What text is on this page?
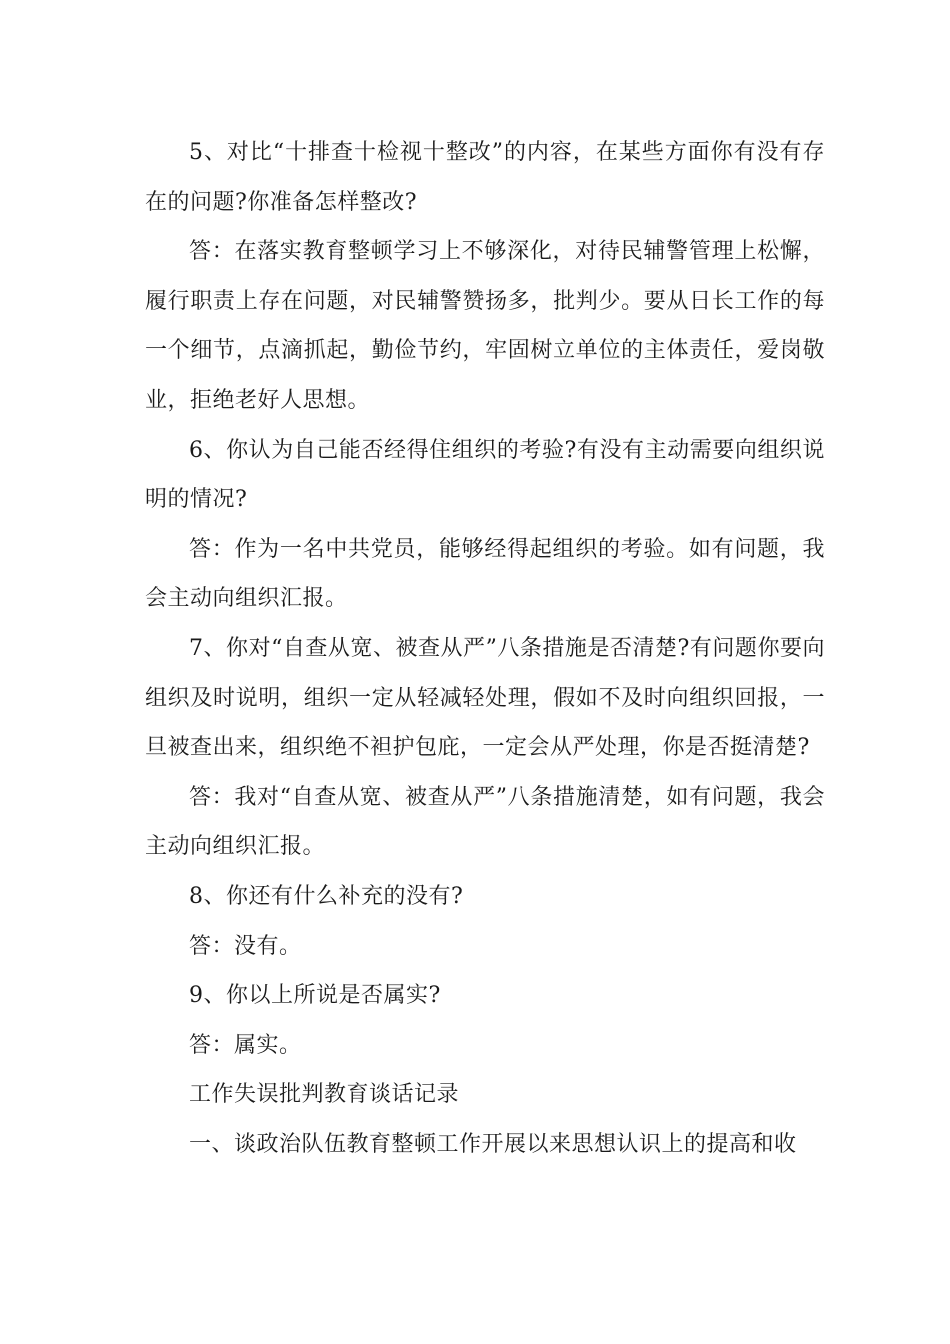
5、对比“十排查十检视十整改”的内容，在某些方面你有没有存在的问题?你准备怎样整改?

答：在落实教育整顿学习上不够深化，对待民辅警管理上松懈，履行职责上存在问题，对民辅警赞扬多，批判少。要从日长工作的每一个细节，点滴抓起，勤俭节约，牢固树立单位的主体责任，爱岗敬业，拒绝老好人思想。

6、你认为自己能否经得住组织的考验?有没有主动需要向组织说明的情况?

答：作为一名中共党员，能够经得起组织的考验。如有问题，我会主动向组织汇报。

7、你对“自查从宽、被查从严”八条措施是否清楚?有问题你要向组织及时说明，组织一定从轻减轻处理，假如不及时向组织回报，一旦被查出来，组织绝不袒护包庇，一定会从严处理，你是否挺清楚?

答：我对“自查从宽、被查从严”八条措施清楚，如有问题，我会主动向组织汇报。

8、你还有什么补充的没有?

答：没有。

9、你以上所说是否属实?

答：属实。

工作失误批判教育谈话记录

一、谈政治队伍教育整顿工作开展以来思想认识上的提高和收
